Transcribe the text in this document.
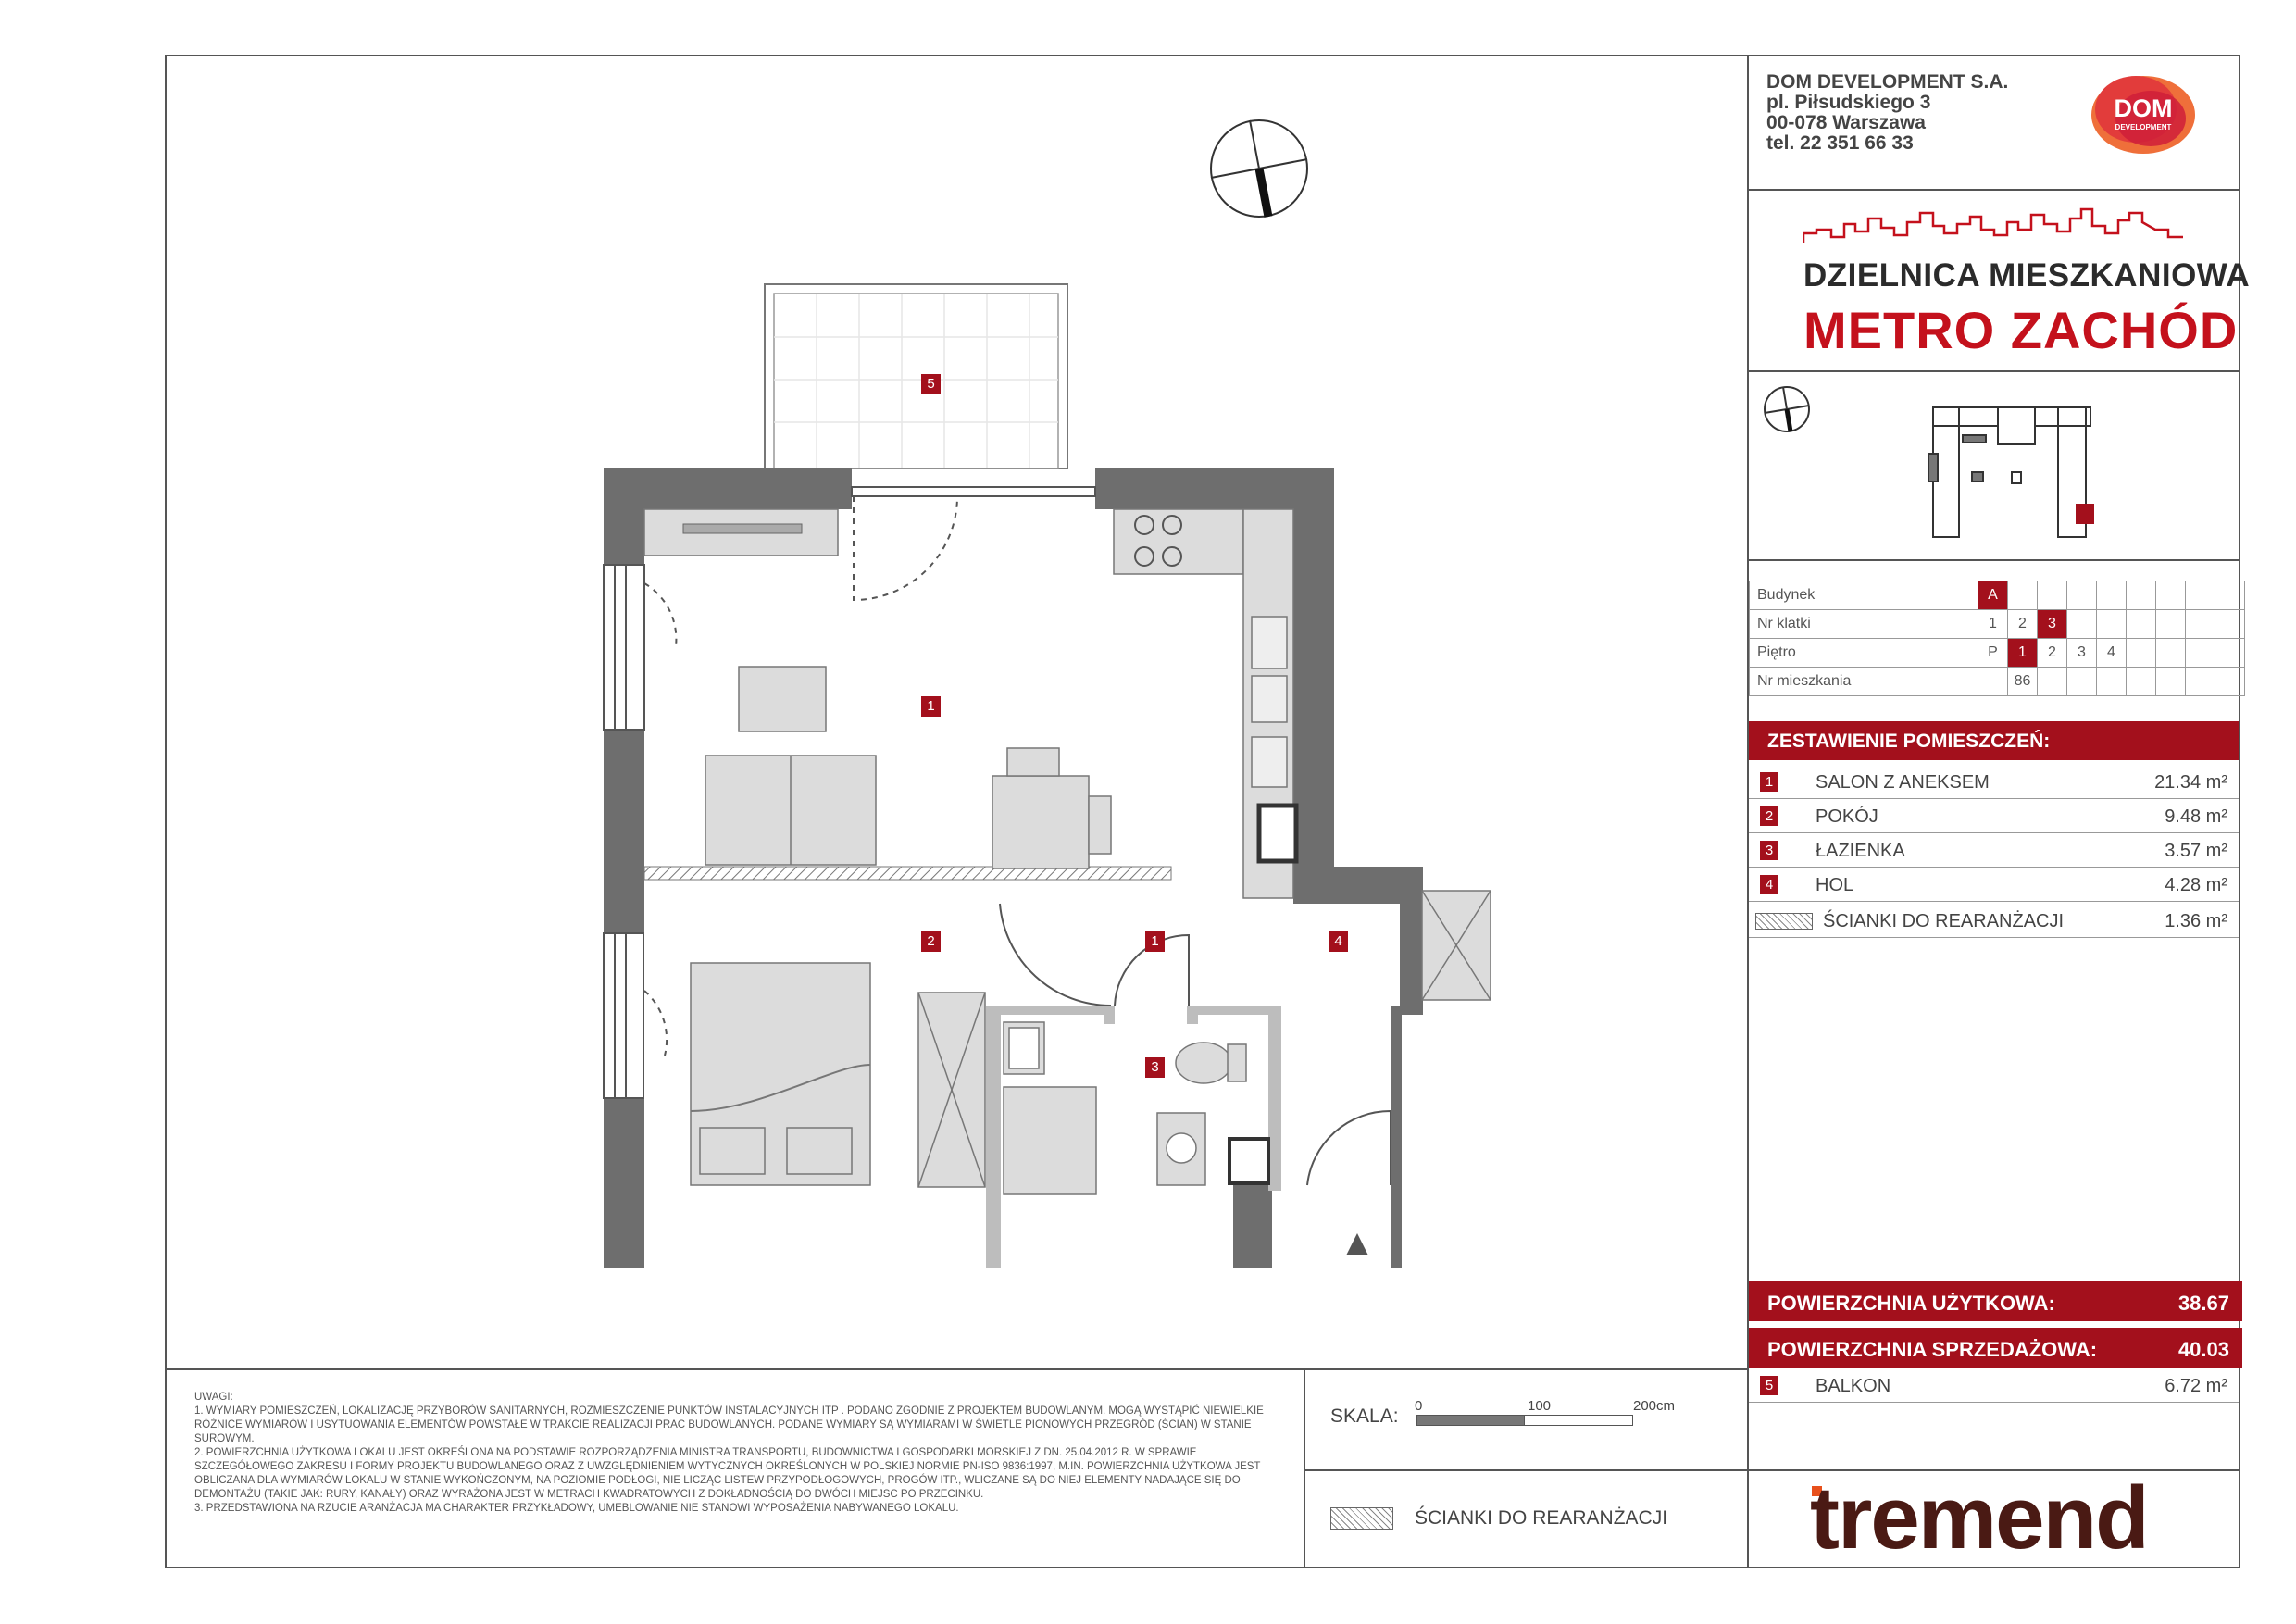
DOM DEVELOPMENT S.A.
pl. Piłsudskiego 3
00-078 Warszawa
tel. 22 351 66 33
DOM
DEVELOPMENT
DZIELNICA MIESZKANIOWA
METRO ZACHÓD
Budynek	A								
Nr klatki	1	2	3						
Piętro	P	1	2	3	4				
Nr mieszkania		86							
ZESTAWIENIE POMIESZCZEŃ:
1 SALON Z ANEKSEM	21.34 m²
2 POKÓJ	9.48 m²
3 ŁAZIENKA	3.57 m²
4 HOL	4.28 m²
ŚCIANKI DO REARANŻACJI	1.36 m²
POWIERZCHNIA UŻYTKOWA:	38.67
POWIERZCHNIA SPRZEDAŻOWA:	40.03
5 BALKON	6.72 m²
5
1
2	1
3
4

UWAGI:

1. WYMIARY POMIESZCZEŃ, LOKALIZACJĘ PRZYBORÓW SANITARNYCH, ROZMIESZCZENIE PUNKTÓW INSTALACYJNYCH ITP . PODANO ZGODNIE Z PROJEKTEM BUDOWLANYM. MOGĄ WYSTĄPIĆ NIEWIELKIE RÓŻNICE WYMIARÓW I USYTUOWANIA ELEMENTÓW POWSTAŁE W TRAKCIE REALIZACJI PRAC BUDOWLANYCH. PODANE WYMIARY SĄ WYMIARAMI W ŚWIETLE PIONOWYCH PRZEGRÓD (ŚCIAN) W STANIE SUROWYM.

2. POWIERZCHNIA UŻYTKOWA LOKALU JEST OKREŚLONA NA PODSTAWIE ROZPORZĄDZENIA MINISTRA TRANSPORTU, BUDOWNICTWA I GOSPODARKI MORSKIEJ Z DN. 25.04.2012 R. W SPRAWIE SZCZEGÓŁOWEGO ZAKRESU I FORMY PROJEKTU BUDOWLANEGO ORAZ Z UWZGLĘDNIENIEM WYTYCZNYCH OKREŚLONYCH W POLSKIEJ NORMIE PN-ISO 9836:1997, M.IN. POWIERZCHNIA UŻYTKOWA JEST OBLICZANA DLA WYMIARÓW LOKALU W STANIE WYKOŃCZONYM, NA POZIOMIE PODŁOGI, NIE LICZĄC LISTEW PRZYPODŁOGOWYCH, PROGÓW ITP., WLICZANE SĄ DO NIEJ ELEMENTY NADAJĄCE SIĘ DO DEMONTAŻU (TAKIE JAK: RURY, KANAŁY) ORAZ WYRAŻONA JEST W METRACH KWADRATOWYCH Z DOKŁADNOŚCIĄ DO DWÓCH MIEJSC PO PRZECINKU.

3. PRZEDSTAWIONA NA RZUCIE ARANŻACJA MA CHARAKTER PRZYKŁADOWY, UMEBLOWANIE NIE STANOWI WYPOSAŻENIA NABYWANEGO LOKALU.

SKALA: 0	100	200cm
ŚCIANKI DO REARANŻACJI tremend
